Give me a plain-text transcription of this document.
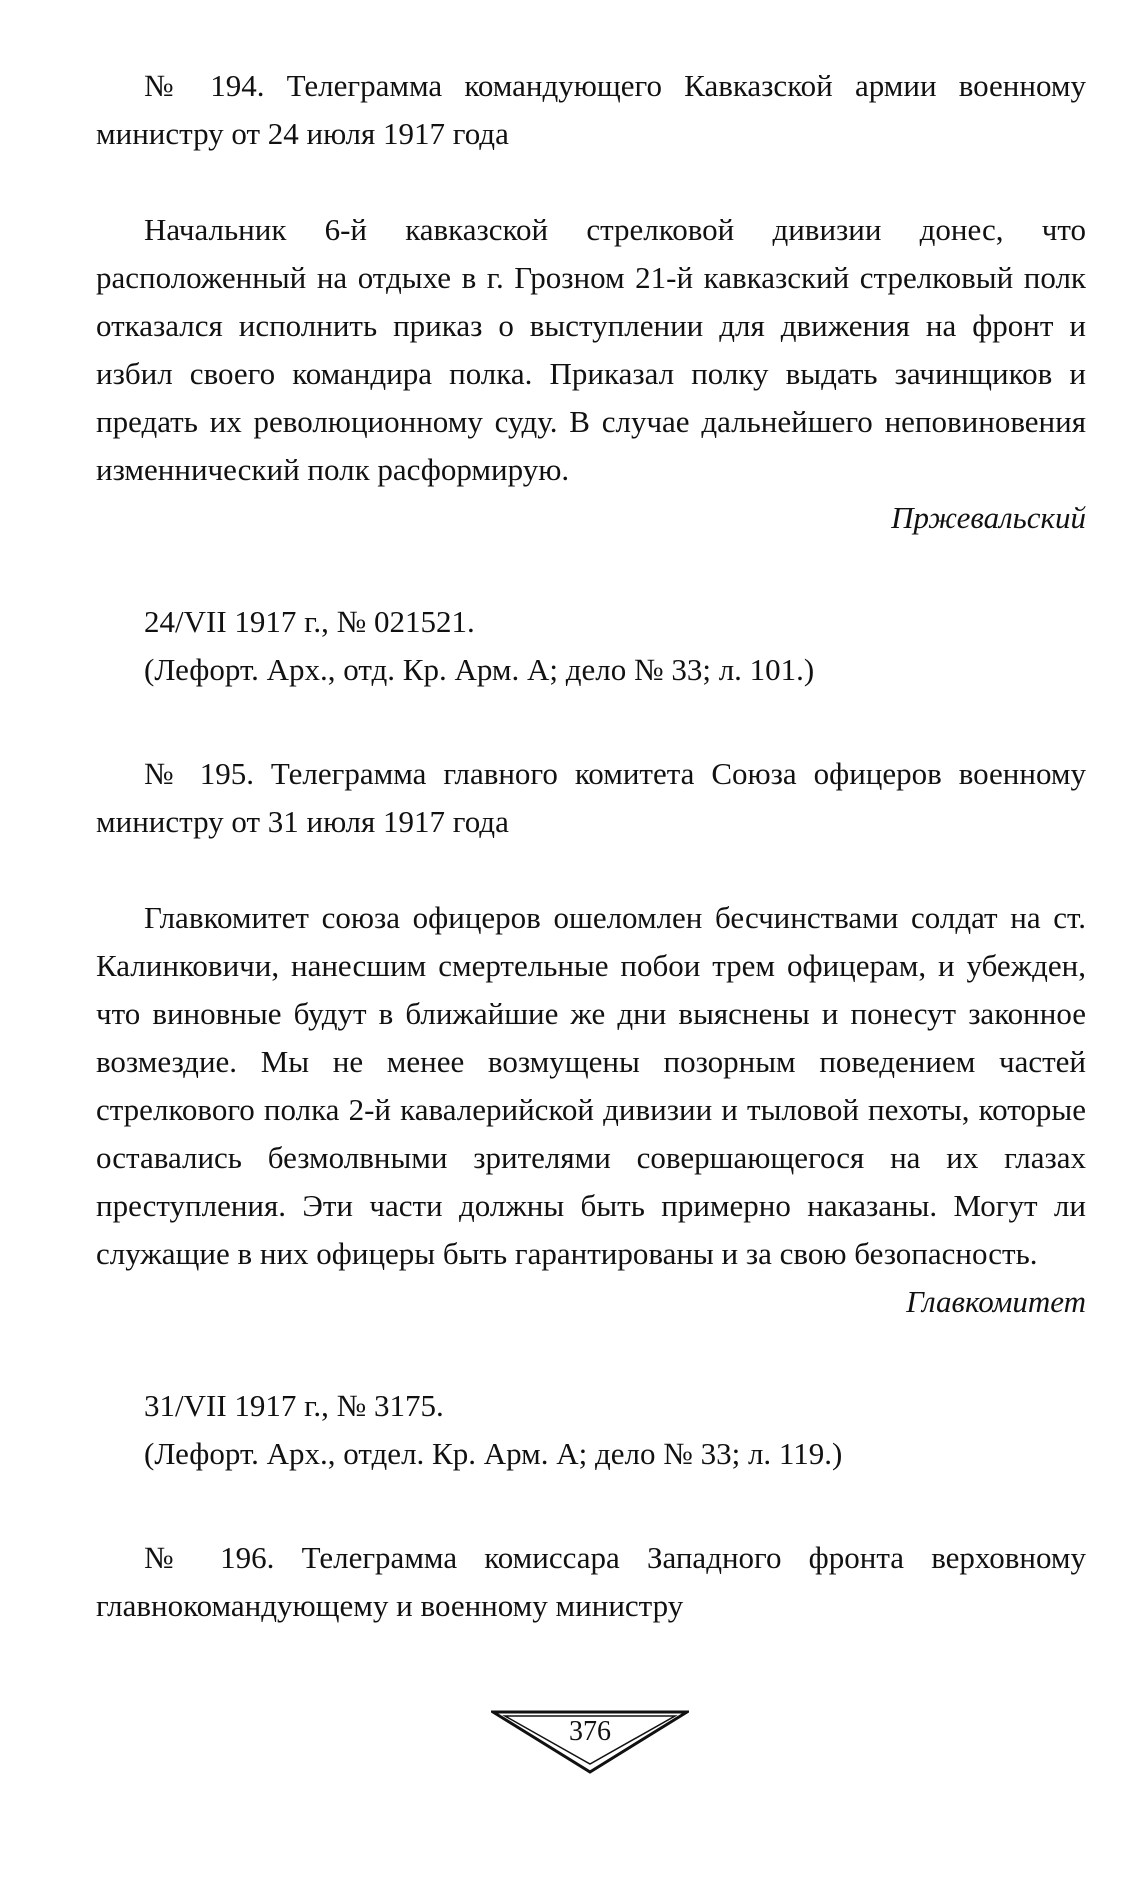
№ 194. Телеграмма командующего Кавказской армии военному министру от 24 июля 1917 года

Начальник 6-й кавказской стрелковой дивизии донес, что расположенный на отдыхе в г. Грозном 21-й кавказский стрелковый полк отказался исполнить приказ о выступлении для движения на фронт и избил своего командира полка. Приказал полку выдать зачинщиков и предать их революционному суду. В случае дальнейшего неповиновения изменнический полк расформирую.

Пржевальский

24/VII 1917 г., № 021521.

(Лефорт. Арх., отд. Кр. Арм. А; дело № 33; л. 101.)

№ 195. Телеграмма главного комитета Союза офицеров военному министру от 31 июля 1917 года

Главкомитет союза офицеров ошеломлен бесчинствами солдат на ст. Калинковичи, нанесшим смертельные побои трем офицерам, и убежден, что виновные будут в ближайшие же дни выяснены и понесут законное возмездие. Мы не менее возмущены позорным поведением частей стрелкового полка 2-й кавалерийской дивизии и тыловой пехоты, которые оставались безмолвными зрителями совершающегося на их глазах преступления. Эти части должны быть примерно наказаны. Могут ли служащие в них офицеры быть гарантированы и за свою безопасность.

Главкомитет

31/VII 1917 г., № 3175.

(Лефорт. Арх., отдел. Кр. Арм. А; дело № 33; л. 119.)

№ 196. Телеграмма комиссара Западного фронта верховному главнокомандующему и военному министру

376
